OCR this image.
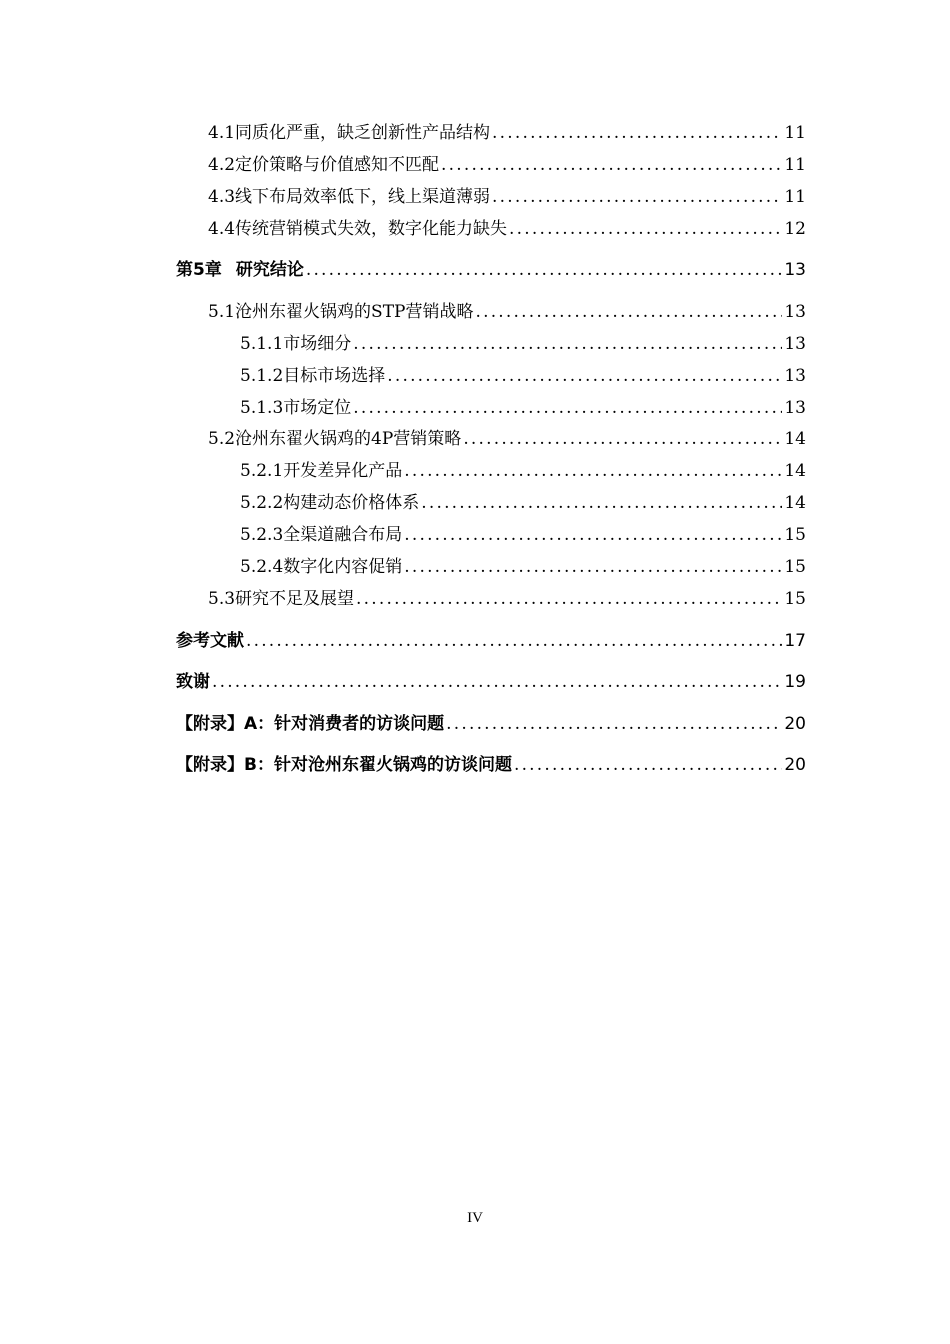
4.1 同质化严重，缺乏创新性产品结构 .....	11
4.2 定价策略与价值感知不匹配 .....	11
4.3 线下布局效率低下，线上渠道薄弱 .....	11
4.4 传统营销模式失效，数字化能力缺失 .....	12
第5章 研究结论 .....	13
5.1 沧州东翟火锅鸡的STP营销战略 .....	13
5.1.1 市场细分 .....	13
5.1.2 目标市场选择 .....	13
5.1.3 市场定位 .....	13
5.2 沧州东翟火锅鸡的4P营销策略 .....	14
5.2.1 开发差异化产品 .....	14
5.2.2 构建动态价格体系 .....	14
5.2.3 全渠道融合布局 .....	15
5.2.4 数字化内容促销 .....	15
5.3 研究不足及展望 .....	15
参考文献 .....	17
致谢 .....	19
【附录】A：针对消费者的访谈问题 .....	20
【附录】B：针对沧州东翟火锅鸡的访谈问题 .....	20
IV
